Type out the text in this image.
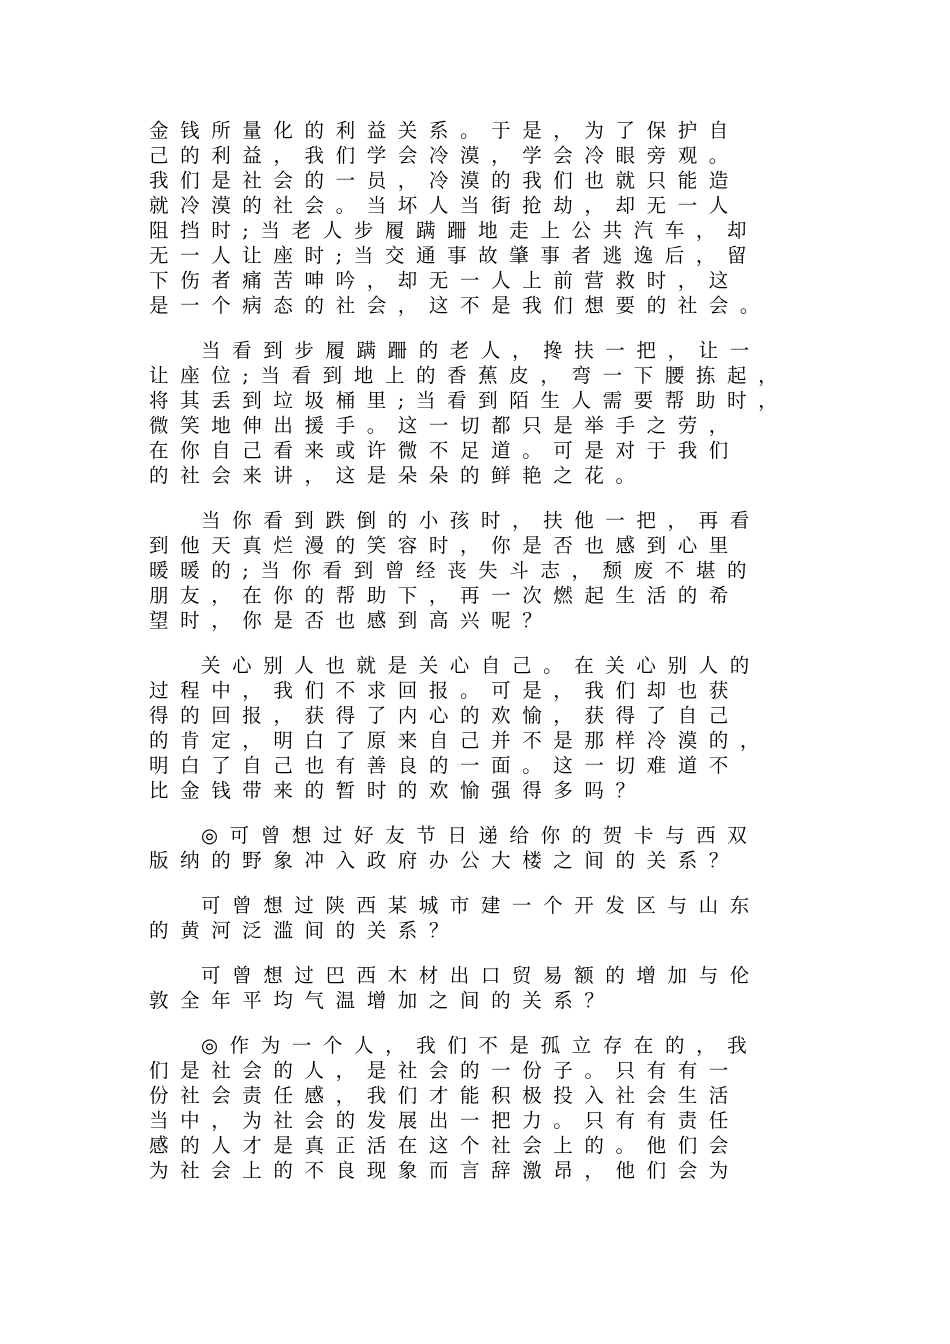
金钱所量化的利益关系。于是，为了保护自
己的利益，我们学会冷漠，学会冷眼旁观。
我们是社会的一员，冷漠的我们也就只能造
就冷漠的社会。当坏人当街抢劫，却无一人
阻挡时;当老人步履蹒跚地走上公共汽车，却
无一人让座时;当交通事故肇事者逃逸后，留
下伤者痛苦呻吟，却无一人上前营救时，这
是一个病态的社会，这不是我们想要的社会。
当看到步履蹒跚的老人，搀扶一把，让一
让座位;当看到地上的香蕉皮，弯一下腰拣起，
将其丢到垃圾桶里;当看到陌生人需要帮助时，
微笑地伸出援手。这一切都只是举手之劳，
在你自己看来或许微不足道。可是对于我们
的社会来讲，这是朵朵的鲜艳之花。
当你看到跌倒的小孩时，扶他一把，再看
到他天真烂漫的笑容时，你是否也感到心里
暖暖的;当你看到曾经丧失斗志，颓废不堪的
朋友，在你的帮助下，再一次燃起生活的希
望时，你是否也感到高兴呢？
关心别人也就是关心自己。在关心别人的
过程中，我们不求回报。可是，我们却也获
得的回报，获得了内心的欢愉，获得了自己
的肯定，明白了原来自己并不是那样冷漠的，
明白了自己也有善良的一面。这一切难道不
比金钱带来的暂时的欢愉强得多吗？
◎可曾想过好友节日递给你的贺卡与西双
版纳的野象冲入政府办公大楼之间的关系？
可曾想过陕西某城市建一个开发区与山东
的黄河泛滥间的关系？
可曾想过巴西木材出口贸易额的增加与伦
敦全年平均气温增加之间的关系？
◎作为一个人，我们不是孤立存在的，我
们是社会的人，是社会的一份子。只有有一
份社会责任感，我们才能积极投入社会生活
当中，为社会的发展出一把力。只有有责任
感的人才是真正活在这个社会上的。他们会
为社会上的不良现象而言辞激昂，他们会为
